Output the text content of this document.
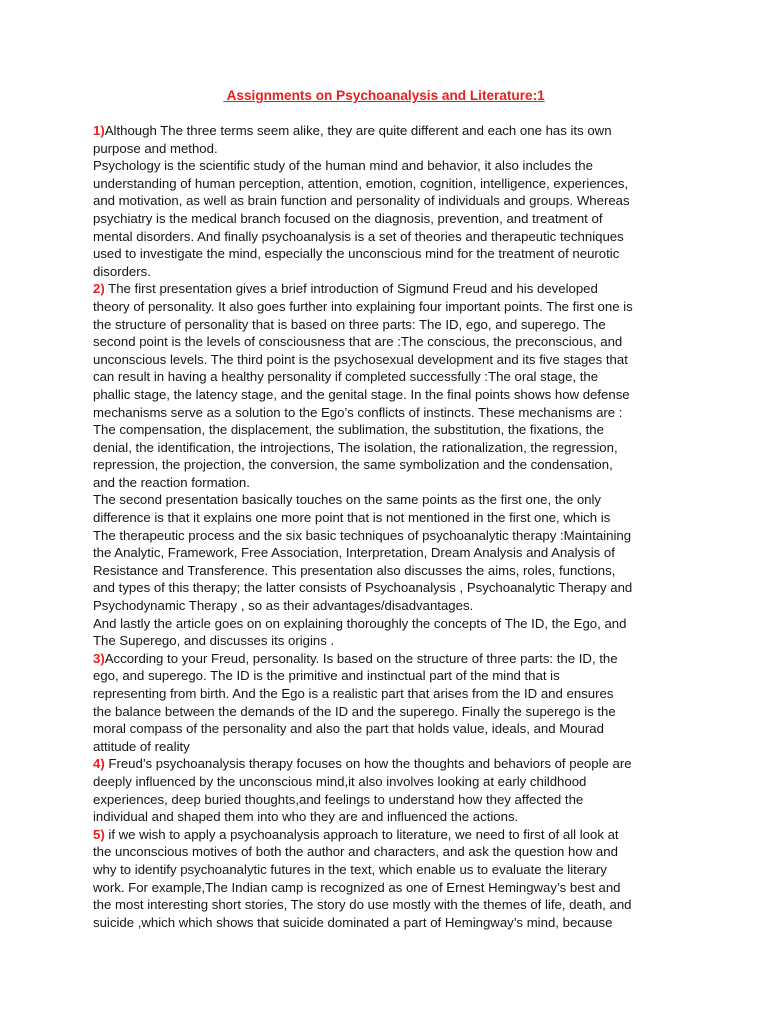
Assignments on Psychoanalysis and Literature:1
1)Although The three terms seem alike, they are quite different and each one has its own
purpose and method.
Psychology is the scientific study of the human mind and behavior, it also includes the
understanding of human perception, attention, emotion, cognition, intelligence, experiences,
and motivation, as well as brain function and personality of individuals and groups. Whereas
psychiatry is the medical branch focused on the diagnosis, prevention, and treatment of
mental disorders. And finally psychoanalysis is a set of theories and therapeutic techniques
used to investigate the mind, especially the unconscious mind for the treatment of neurotic
disorders.
2) The first presentation gives a brief introduction of Sigmund Freud and his developed
theory of personality. It also goes further into explaining four important points. The first one is
the structure of personality that is based on three parts: The ID, ego, and superego. The
second point is the levels of consciousness that are :The conscious, the preconscious, and
unconscious levels. The third point is the psychosexual development and its five stages that
can result in having a healthy personality if completed successfully :The oral stage, the
phallic stage, the latency stage, and the genital stage. In the final points shows how defense
mechanisms serve as a solution to the Ego’s conflicts of instincts. These mechanisms are :
The compensation, the displacement, the sublimation, the substitution, the fixations, the
denial, the identification, the introjections, The isolation, the rationalization, the regression,
repression, the projection, the conversion, the same symbolization and the condensation,
and the reaction formation.
The second presentation basically touches on the same points as the first one, the only
difference is that it explains one more point that is not mentioned in the first one, which is
The therapeutic process and the six basic techniques of psychoanalytic therapy :Maintaining
the Analytic, Framework, Free Association, Interpretation, Dream Analysis and Analysis of
Resistance and Transference. This presentation also discusses the aims, roles, functions,
and types of this therapy; the latter consists of Psychoanalysis , Psychoanalytic Therapy and
Psychodynamic Therapy , so as their advantages/disadvantages.
And lastly the article goes on on explaining thoroughly the concepts of The ID, the Ego, and
The Superego, and discusses its origins .
3)According to your Freud, personality. Is based on the structure of three parts: the ID, the
ego, and superego. The ID is the primitive and instinctual part of the mind that is
representing from birth. And the Ego is a realistic part that arises from the ID and ensures
the balance between the demands of the ID and the superego. Finally the superego is the
moral compass of the personality and also the part that holds value, ideals, and Mourad
attitude of reality
4) Freud’s psychoanalysis therapy focuses on how the thoughts and behaviors of people are
deeply influenced by the unconscious mind,it also involves looking at early childhood
experiences, deep buried thoughts,and feelings to understand how they affected the
individual and shaped them into who they are and influenced the actions.
5) if we wish to apply a psychoanalysis approach to literature, we need to first of all look at
the unconscious motives of both the author and characters, and ask the question how and
why to identify psychoanalytic futures in the text, which enable us to evaluate the literary
work. For example,The Indian camp is recognized as one of Ernest Hemingway’s best and
the most interesting short stories, The story do use mostly with the themes of life, death, and
suicide ,which which shows that suicide dominated a part of Hemingway’s mind, because
